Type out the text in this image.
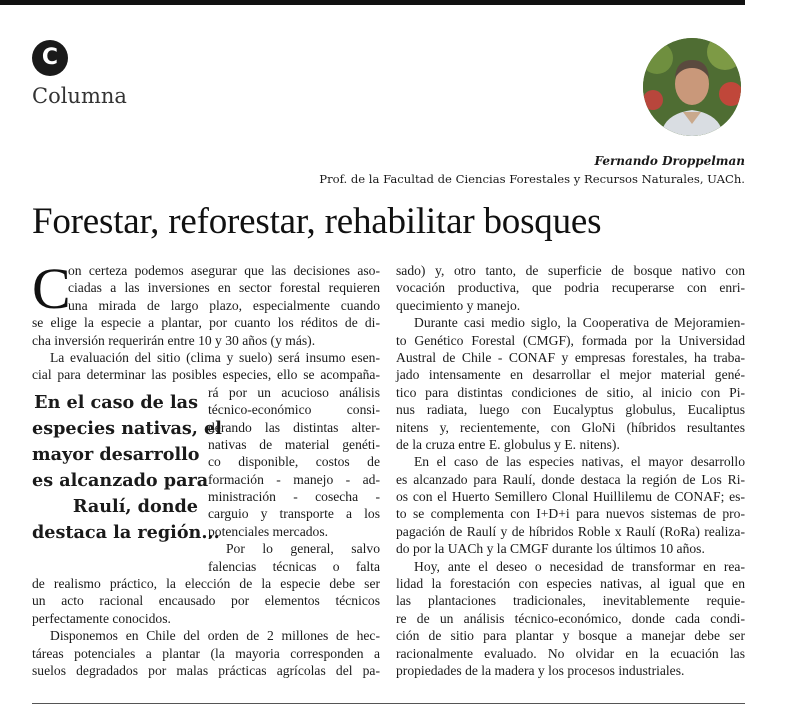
C
Columna
Fernando Droppelman
Prof. de la Facultad de Ciencias Forestales y Recursos Naturales, UACh.
Forestar, reforestar, rehabilitar bosques
C
on certeza podemos asegurar que las decisiones aso-
ciadas a las inversiones en sector forestal requieren
una mirada de largo plazo, especialmente cuando
se elige la especie a plantar, por cuanto los réditos de di-
cha inversión requerirán entre 10 y 30 años (y más).
La evaluación del sitio (clima y suelo) será insumo esen-
cial para determinar las posibles especies, ello se acompaña-
En el caso de las
especies nativas, el
mayor desarrollo
es alcanzado para
Raulí, donde
destaca la región...
rá por un acucioso análisis
técnico-económico consi-
derando las distintas alter-
nativas de material genéti-
co disponible, costos de
formación - manejo - ad-
ministración - cosecha -
carguio y transporte a los
potenciales mercados.
Por lo general, salvo
falencias técnicas o falta
de realismo práctico, la elección de la especie debe ser
un acto racional encausado por elementos técnicos
perfectamente conocidos.
Disponemos en Chile del orden de 2 millones de hec-
táreas potenciales a plantar (la mayoria corresponden a
suelos degradados por malas prácticas agrícolas del pa-
sado) y, otro tanto, de superficie de bosque nativo con
vocación productiva, que podria recuperarse con enri-
quecimiento y manejo.
Durante casi medio siglo, la Cooperativa de Mejoramien-
to Genético Forestal (CMGF), formada por la Universidad
Austral de Chile - CONAF y empresas forestales, ha traba-
jado intensamente en desarrollar el mejor material gené-
tico para distintas condiciones de sitio, al inicio con Pi-
nus radiata, luego con Eucalyptus globulus, Eucaliptus
nitens y, recientemente, con GloNi (híbridos resultantes
de la cruza entre E. globulus y E. nitens).
En el caso de las especies nativas, el mayor desarrollo
es alcanzado para Raulí, donde destaca la región de Los Ri-
os con el Huerto Semillero Clonal Huillilemu de CONAF; es-
to se complementa con I+D+i para nuevos sistemas de pro-
pagación de Raulí y de híbridos Roble x Raulí (RoRa) realiza-
do por la UACh y la CMGF durante los últimos 10 años.
Hoy, ante el deseo o necesidad de transformar en rea-
lidad la forestación con especies nativas, al igual que en
las plantaciones tradicionales, inevitablemente requie-
re de un análisis técnico-económico, donde cada condi-
ción de sitio para plantar y bosque a manejar debe ser
racionalmente evaluado. No olvidar en la ecuación las
propiedades de la madera y los procesos industriales.
